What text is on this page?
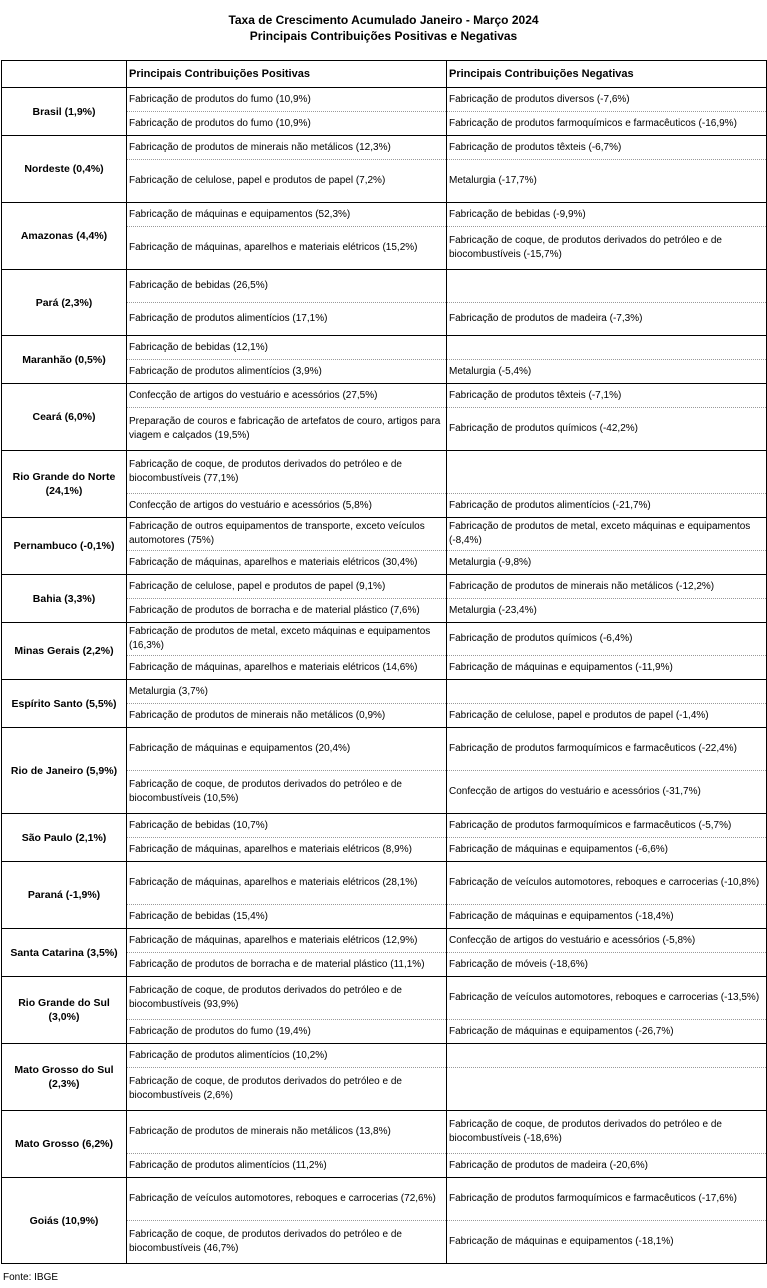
Taxa de Crescimento Acumulado Janeiro - Março 2024
Principais Contribuições Positivas e Negativas
	Principais Contribuições Positivas	Principais Contribuições Negativas
Brasil (1,9%)	Fabricação de produtos do fumo (10,9%)	Fabricação de produtos diversos (-7,6%)
	Fabricação de produtos do fumo (10,9%)	Fabricação de produtos farmoquímicos e farmacêuticos (-16,9%)
Nordeste (0,4%)	Fabricação de produtos de minerais não metálicos (12,3%)	Fabricação de produtos têxteis (-6,7%)
	Fabricação de celulose, papel e produtos de papel (7,2%)	Metalurgia (-17,7%)
Amazonas (4,4%)	Fabricação de máquinas e equipamentos (52,3%)	Fabricação de bebidas (-9,9%)
	Fabricação de máquinas, aparelhos e materiais elétricos (15,2%)	Fabricação de coque, de produtos derivados do petróleo e de biocombustíveis (-15,7%)
Pará (2,3%)	Fabricação de bebidas (26,5%)	
	Fabricação de produtos alimentícios (17,1%)	Fabricação de produtos de madeira (-7,3%)
Maranhão (0,5%)	Fabricação de bebidas (12,1%)	
	Fabricação de produtos alimentícios (3,9%)	Metalurgia (-5,4%)
Ceará (6,0%)	Confecção de artigos do vestuário e acessórios (27,5%)	Fabricação de produtos têxteis (-7,1%)
	Preparação de couros e fabricação de artefatos de couro, artigos para viagem e calçados (19,5%)	Fabricação de produtos químicos (-42,2%)
Rio Grande do Norte (24,1%)	Fabricação de coque, de produtos derivados do petróleo e de biocombustíveis (77,1%)	
	Confecção de artigos do vestuário e acessórios (5,8%)	Fabricação de produtos alimentícios (-21,7%)
Pernambuco (-0,1%)	Fabricação de outros equipamentos de transporte, exceto veículos automotores (75%)	Fabricação de produtos de metal, exceto máquinas e equipamentos (-8,4%)
	Fabricação de máquinas, aparelhos e materiais elétricos (30,4%)	Metalurgia (-9,8%)
Bahia (3,3%)	Fabricação de celulose, papel e produtos de papel (9,1%)	Fabricação de produtos de minerais não metálicos (-12,2%)
	Fabricação de produtos de borracha e de material plástico (7,6%)	Metalurgia (-23,4%)
Minas Gerais (2,2%)	Fabricação de produtos de metal, exceto máquinas e equipamentos (16,3%)	Fabricação de produtos químicos (-6,4%)
	Fabricação de máquinas, aparelhos e materiais elétricos (14,6%)	Fabricação de máquinas e equipamentos (-11,9%)
Espírito Santo (5,5%)	Metalurgia (3,7%)	
	Fabricação de produtos de minerais não metálicos (0,9%)	Fabricação de celulose, papel e produtos de papel (-1,4%)
Rio de Janeiro (5,9%)	Fabricação de máquinas e equipamentos (20,4%)	Fabricação de produtos farmoquímicos e farmacêuticos (-22,4%)
	Fabricação de coque, de produtos derivados do petróleo e de biocombustíveis (10,5%)	Confecção de artigos do vestuário e acessórios (-31,7%)
São Paulo (2,1%)	Fabricação de bebidas (10,7%)	Fabricação de produtos farmoquímicos e farmacêuticos (-5,7%)
	Fabricação de máquinas, aparelhos e materiais elétricos (8,9%)	Fabricação de máquinas e equipamentos (-6,6%)
Paraná (-1,9%)	Fabricação de máquinas, aparelhos e materiais elétricos (28,1%)	Fabricação de veículos automotores, reboques e carrocerias (-10,8%)
	Fabricação de bebidas (15,4%)	Fabricação de máquinas e equipamentos (-18,4%)
Santa Catarina (3,5%)	Fabricação de máquinas, aparelhos e materiais elétricos (12,9%)	Confecção de artigos do vestuário e acessórios (-5,8%)
	Fabricação de produtos de borracha e de material plástico (11,1%)	Fabricação de móveis (-18,6%)
Rio Grande do Sul (3,0%)	Fabricação de coque, de produtos derivados do petróleo e de biocombustíveis (93,9%)	Fabricação de veículos automotores, reboques e carrocerias (-13,5%)
	Fabricação de produtos do fumo (19,4%)	Fabricação de máquinas e equipamentos (-26,7%)
Mato Grosso do Sul (2,3%)	Fabricação de produtos alimentícios (10,2%)	
	Fabricação de coque, de produtos derivados do petróleo e de biocombustíveis (2,6%)	
Mato Grosso (6,2%)	Fabricação de produtos de minerais não metálicos (13,8%)	Fabricação de coque, de produtos derivados do petróleo e de biocombustíveis (-18,6%)
	Fabricação de produtos alimentícios (11,2%)	Fabricação de produtos de madeira (-20,6%)
Goiás (10,9%)	Fabricação de veículos automotores, reboques e carrocerias (72,6%)	Fabricação de produtos farmoquímicos e farmacêuticos (-17,6%)
	Fabricação de coque, de produtos derivados do petróleo e de biocombustíveis (46,7%)	Fabricação de máquinas e equipamentos (-18,1%)
Fonte: IBGE
